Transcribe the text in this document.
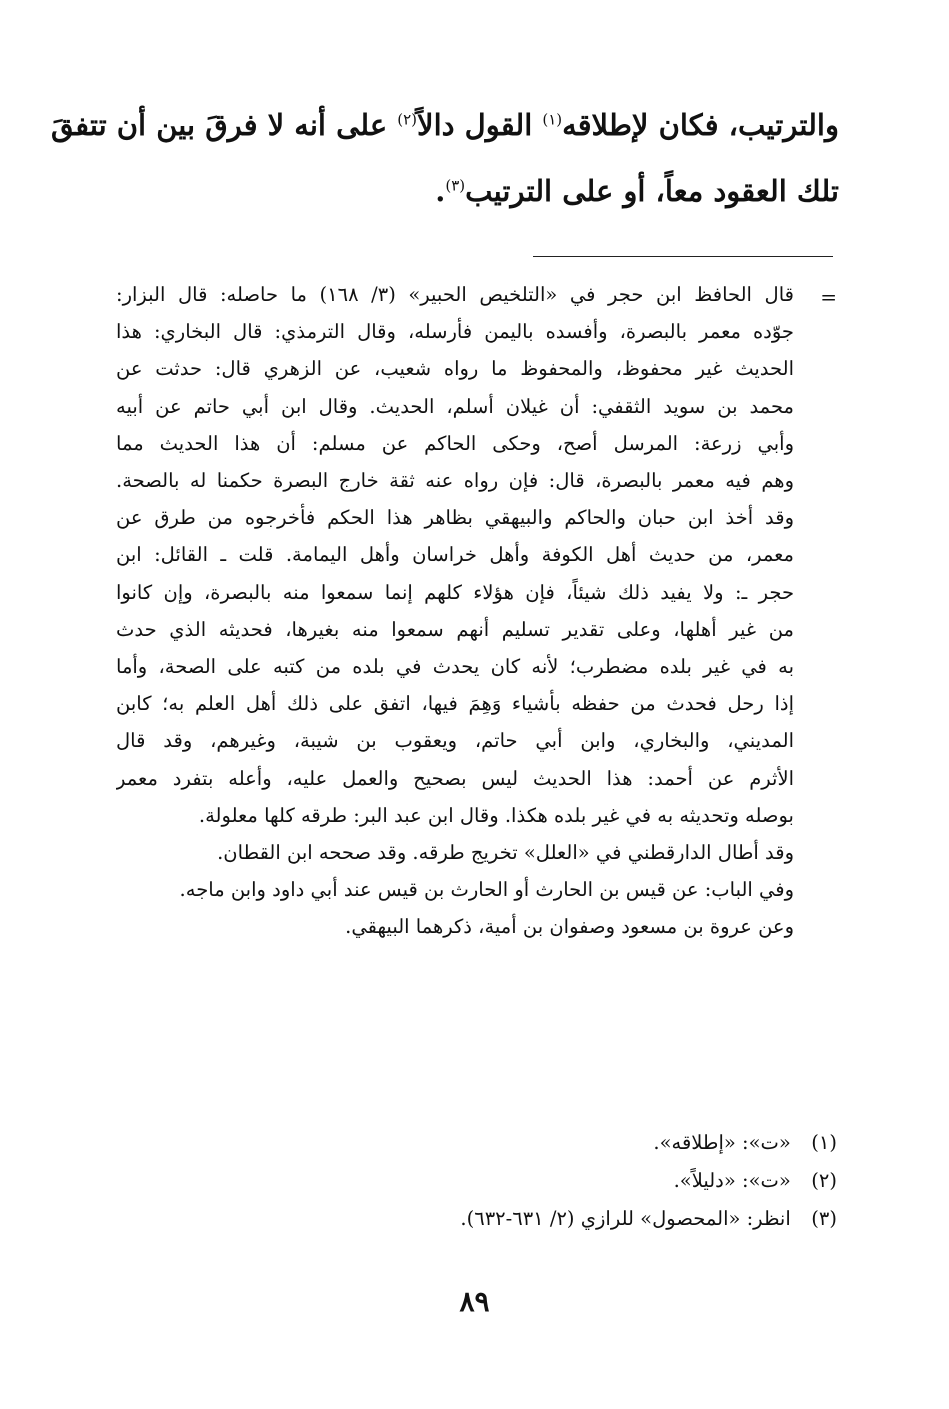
والترتيب، فكان لإطلاقه$^{(١)}$ القول دالاً$^{(٢)}$ على أنه لا فرقَ بين أن تتفقَ
تلك العقود معاً، أو على الترتيب$^{(٣)}$.
=
قال الحافظ ابن حجر في «التلخيص الحبير» (٣/ ١٦٨) ما حاصله: قال البزار:
جوّده معمر بالبصرة، وأفسده باليمن فأرسله، وقال الترمذي: قال البخاري: هذا
الحديث غير محفوظ، والمحفوظ ما رواه شعيب، عن الزهري قال: حدثت عن
محمد بن سويد الثقفي: أن غيلان أسلم، الحديث. وقال ابن أبي حاتم عن أبيه
وأبي زرعة: المرسل أصح، وحكى الحاكم عن مسلم: أن هذا الحديث مما
وهم فيه معمر بالبصرة، قال: فإن رواه عنه ثقة خارج البصرة حكمنا له بالصحة.
وقد أخذ ابن حبان والحاكم والبيهقي بظاهر هذا الحكم فأخرجوه من طرق عن
معمر، من حديث أهل الكوفة وأهل خراسان وأهل اليمامة. قلت ـ القائل: ابن
حجر ـ: ولا يفيد ذلك شيئاً، فإن هؤلاء كلهم إنما سمعوا منه بالبصرة، وإن كانوا
من غير أهلها، وعلى تقدير تسليم أنهم سمعوا منه بغيرها، فحديثه الذي حدث
به في غير بلده مضطرب؛ لأنه كان يحدث في بلده من كتبه على الصحة، وأما
إذا رحل فحدث من حفظه بأشياء وَهِمَ فيها، اتفق على ذلك أهل العلم به؛ كابن
المديني، والبخاري، وابن أبي حاتم، ويعقوب بن شيبة، وغيرهم، وقد قال
الأثرم عن أحمد: هذا الحديث ليس بصحيح والعمل عليه، وأعله بتفرد معمر
بوصله وتحديثه به في غير بلده هكذا. وقال ابن عبد البر: طرقه كلها معلولة.
وقد أطال الدارقطني في «العلل» تخريج طرقه. وقد صححه ابن القطان.
وفي الباب: عن قيس بن الحارث أو الحارث بن قيس عند أبي داود وابن ماجه.
وعن عروة بن مسعود وصفوان بن أمية، ذكرهما البيهقي.
(١) «ت»: «إطلاقه».
(٢) «ت»: «دليلاً».
(٣) انظر: «المحصول» للرازي (٢/ ٦٣١-٦٣٢).
٨٩
